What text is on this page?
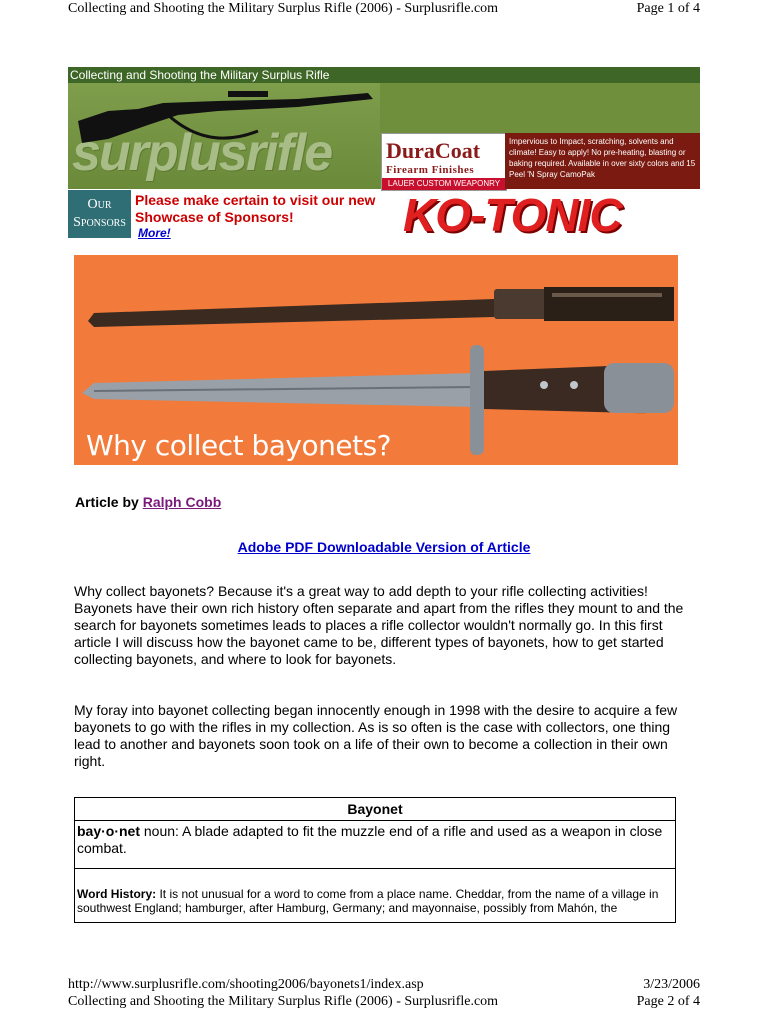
Collecting and Shooting the Military Surplus Rifle (2006) - Surplusrifle.com	Page 1 of 4
Collecting and Shooting the Military Surplus Rifle
surplusrifle DuraCoat
Firearm Finishes
LAUER CUSTOM WEAPONRY
Impervious to Impact, scratching, solvents and climate! Easy to apply! No pre-heating, blasting or baking required. Available in over sixty colors and 15 Peel 'N Spray CamoPak
Our
Sponsors
Please make certain to visit our new Showcase of Sponsors!
More!	KO-TONIC
Why collect bayonets?
Article by Ralph Cobb
Adobe PDF Downloadable Version of Article
Why collect bayonets? Because it's a great way to add depth to your rifle collecting activities! Bayonets have their own rich history often separate and apart from the rifles they mount to and the search for bayonets sometimes leads to places a rifle collector wouldn't normally go. In this first article I will discuss how the bayonet came to be, different types of bayonets, how to get started collecting bayonets, and where to look for bayonets.
My foray into bayonet collecting began innocently enough in 1998 with the desire to acquire a few bayonets to go with the rifles in my collection. As is so often is the case with collectors, one thing lead to another and bayonets soon took on a life of their own to become a collection in their own right.
Bayonet
bay·o·net noun: A blade adapted to fit the muzzle end of a rifle and used as a weapon in close combat.
Word History: It is not unusual for a word to come from a place name. Cheddar, from the name of a village in southwest England; hamburger, after Hamburg, Germany; and mayonnaise, possibly from Mahón, the
http://www.surplusrifle.com/shooting2006/bayonets1/index.asp	3/23/2006
Collecting and Shooting the Military Surplus Rifle (2006) - Surplusrifle.com	Page 2 of 4
